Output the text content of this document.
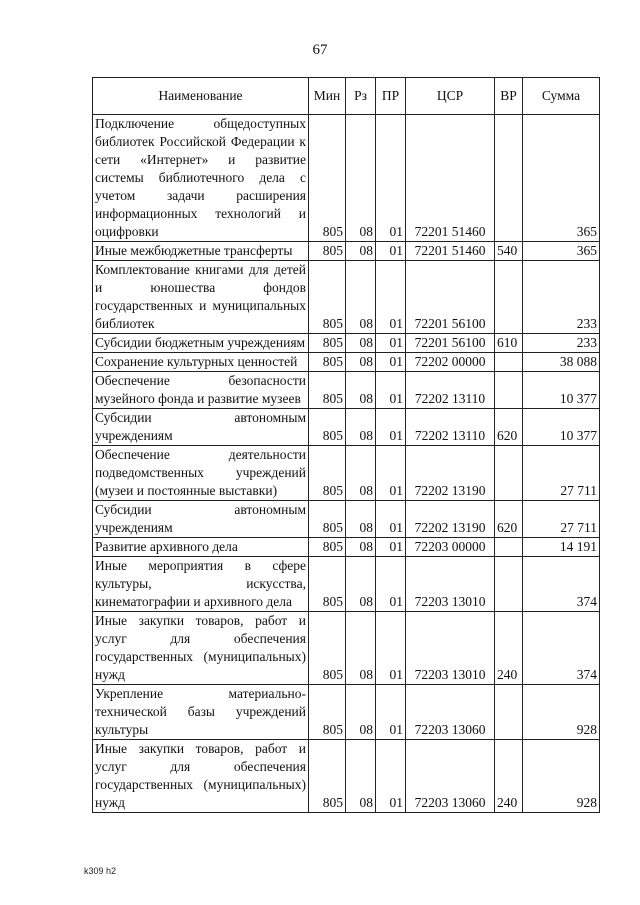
67
Наименование	Мин	Рз	ПР	ЦСР	ВР	Сумма
Подключение общедоступных библиотек Российской Федерации к сети «Интернет» и развитие системы библиотечного дела с учетом задачи расширения информационных технологий и оцифровки	805	08	01	72201 51460		365
Иные межбюджетные трансферты	805	08	01	72201 51460	540	365
Комплектование книгами для детей и юношества фондов государственных и муниципальных библиотек	805	08	01	72201 56100		233
Субсидии бюджетным учреждениям	805	08	01	72201 56100	610	233
Сохранение культурных ценностей	805	08	01	72202 00000		38 088
Обеспечение безопасности музейного фонда и развитие музеев	805	08	01	72202 13110		10 377
Субсидии автономным учреждениям	805	08	01	72202 13110	620	10 377
Обеспечение деятельности подведомственных учреждений (музеи и постоянные выставки)	805	08	01	72202 13190		27 711
Субсидии автономным учреждениям	805	08	01	72202 13190	620	27 711
Развитие архивного дела	805	08	01	72203 00000		14 191
Иные мероприятия в сфере культуры, искусства, кинематографии и архивного дела	805	08	01	72203 13010		374
Иные закупки товаров, работ и услуг для обеспечения государственных (муниципальных) нужд	805	08	01	72203 13010	240	374
Укрепление материально-технической базы учреждений культуры	805	08	01	72203 13060		928
Иные закупки товаров, работ и услуг для обеспечения государственных (муниципальных) нужд	805	08	01	72203 13060	240	928
k309 h2
